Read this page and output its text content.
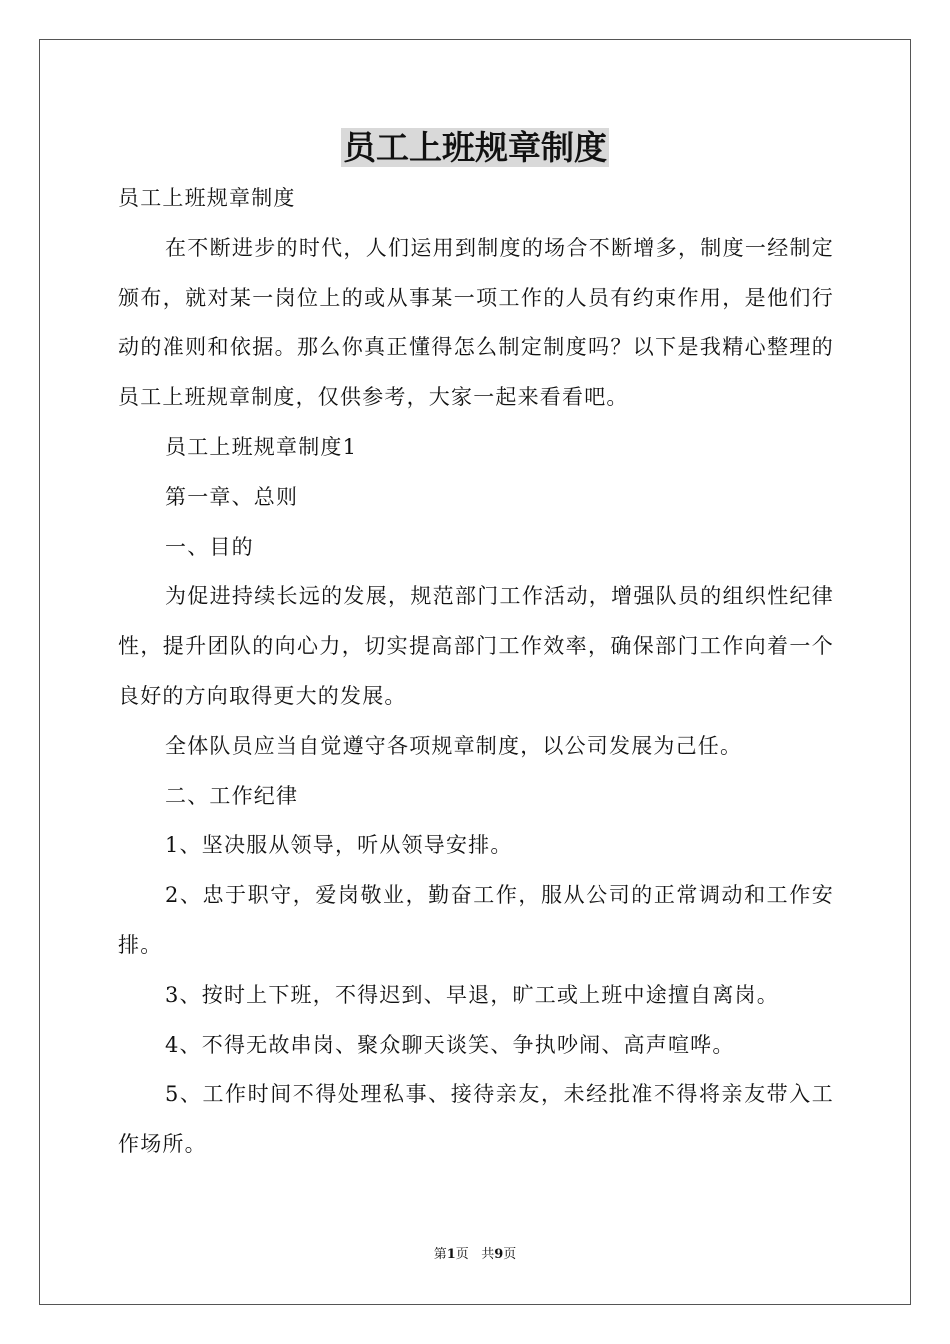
员工上班规章制度

员工上班规章制度

在不断进步的时代，人们运用到制度的场合不断增多，制度一经制定颁布，就对某一岗位上的或从事某一项工作的人员有约束作用，是他们行动的准则和依据。那么你真正懂得怎么制定制度吗？以下是我精心整理的员工上班规章制度，仅供参考，大家一起来看看吧。

员工上班规章制度1

第一章、总则

一、目的

为促进持续长远的发展，规范部门工作活动，增强队员的组织性纪律性，提升团队的向心力，切实提高部门工作效率，确保部门工作向着一个良好的方向取得更大的发展。

全体队员应当自觉遵守各项规章制度，以公司发展为己任。

二、工作纪律

1、坚决服从领导，听从领导安排。

2、忠于职守，爱岗敬业，勤奋工作，服从公司的正常调动和工作安排。

3、按时上下班，不得迟到、早退，旷工或上班中途擅自离岗。

4、不得无故串岗、聚众聊天谈笑、争执吵闹、高声喧哗。

5、工作时间不得处理私事、接待亲友，未经批准不得将亲友带入工作场所。

第1页 共9页
